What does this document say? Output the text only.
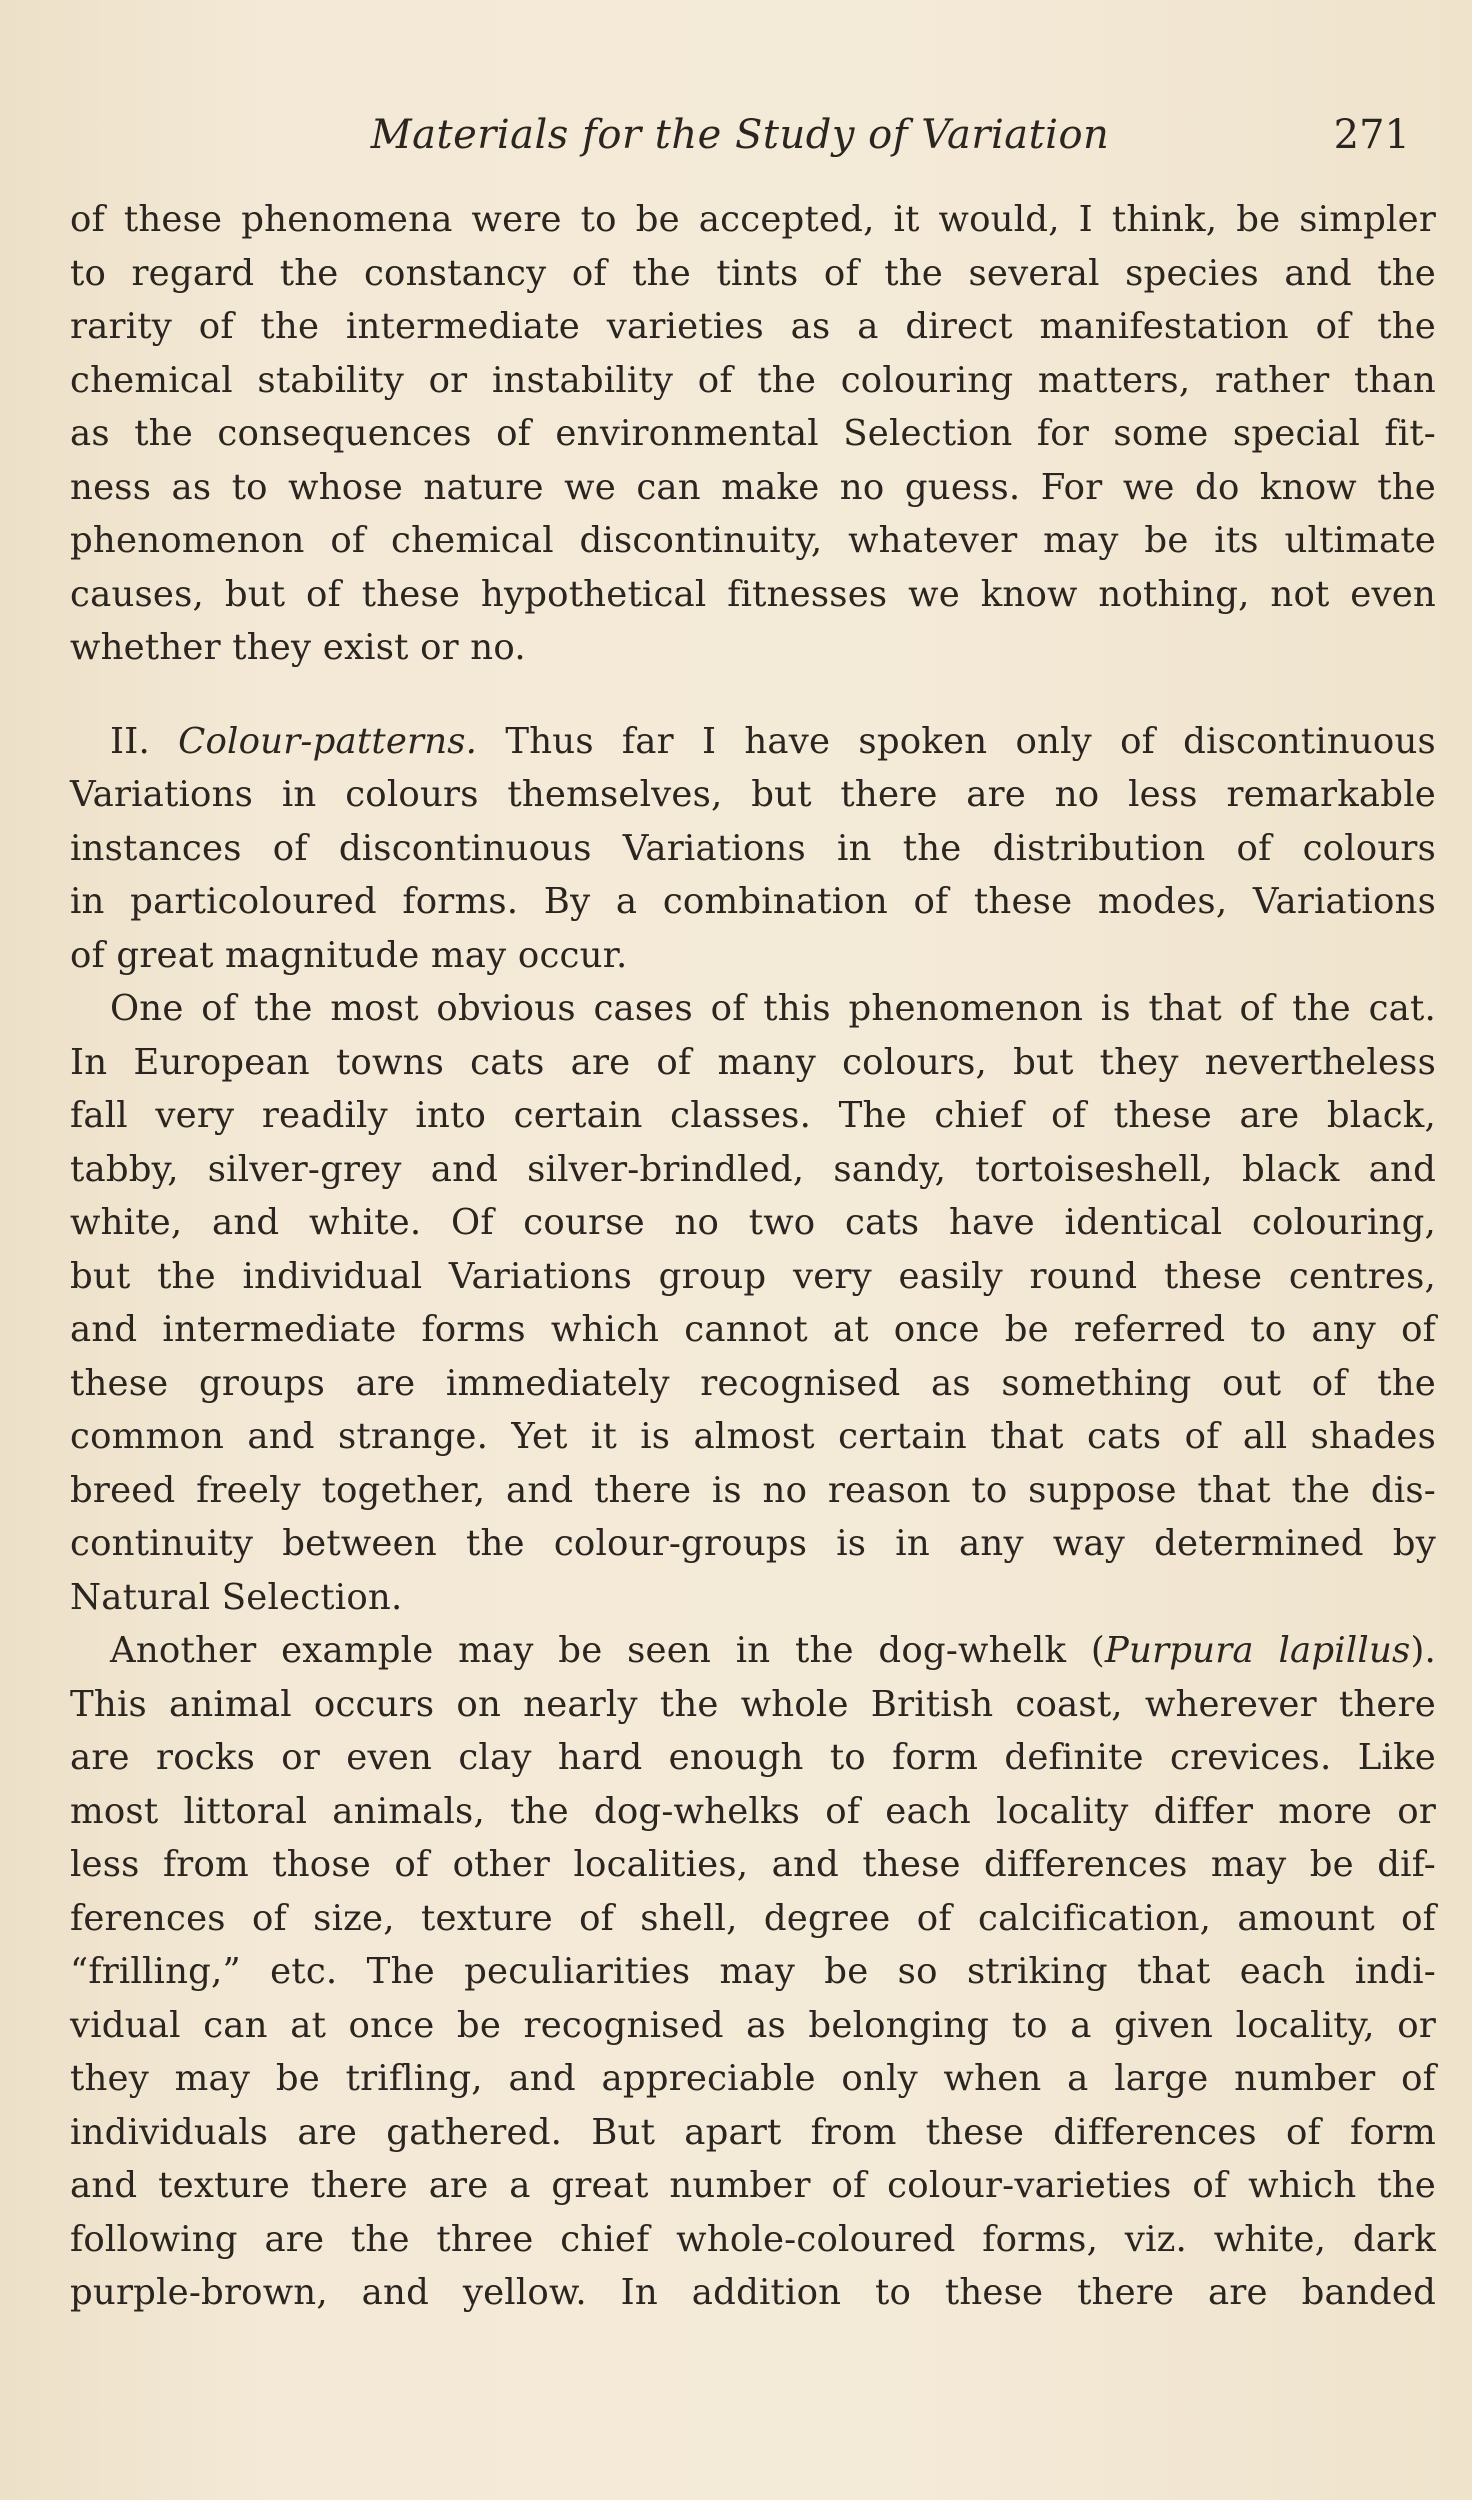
Materials for the Study of Variation	271
of these phenomena were to be accepted, it would, I think, be simpler
to regard the constancy of the tints of the several species and the
rarity of the intermediate varieties as a direct manifestation of the
chemical stability or instability of the colouring matters, rather than
as the consequences of environmental Selection for some special fit-
ness as to whose nature we can make no guess. For we do know the
phenomenon of chemical discontinuity, whatever may be its ultimate
causes, but of these hypothetical fitnesses we know nothing, not even
whether they exist or no.
II. Colour-patterns. Thus far I have spoken only of discontinuous
Variations in colours themselves, but there are no less remarkable
instances of discontinuous Variations in the distribution of colours
in particoloured forms. By a combination of these modes, Variations
of great magnitude may occur.
One of the most obvious cases of this phenomenon is that of the cat.
In European towns cats are of many colours, but they nevertheless
fall very readily into certain classes. The chief of these are black,
tabby, silver-grey and silver-brindled, sandy, tortoiseshell, black and
white, and white. Of course no two cats have identical colouring,
but the individual Variations group very easily round these centres,
and intermediate forms which cannot at once be referred to any of
these groups are immediately recognised as something out of the
common and strange. Yet it is almost certain that cats of all shades
breed freely together, and there is no reason to suppose that the dis-
continuity between the colour-groups is in any way determined by
Natural Selection.
Another example may be seen in the dog-whelk (Purpura lapillus).
This animal occurs on nearly the whole British coast, wherever there
are rocks or even clay hard enough to form definite crevices. Like
most littoral animals, the dog-whelks of each locality differ more or
less from those of other localities, and these differences may be dif-
ferences of size, texture of shell, degree of calcification, amount of
“frilling,” etc. The peculiarities may be so striking that each indi-
vidual can at once be recognised as belonging to a given locality, or
they may be trifling, and appreciable only when a large number of
individuals are gathered. But apart from these differences of form
and texture there are a great number of colour-varieties of which the
following are the three chief whole-coloured forms, viz. white, dark
purple-brown, and yellow. In addition to these there are banded
